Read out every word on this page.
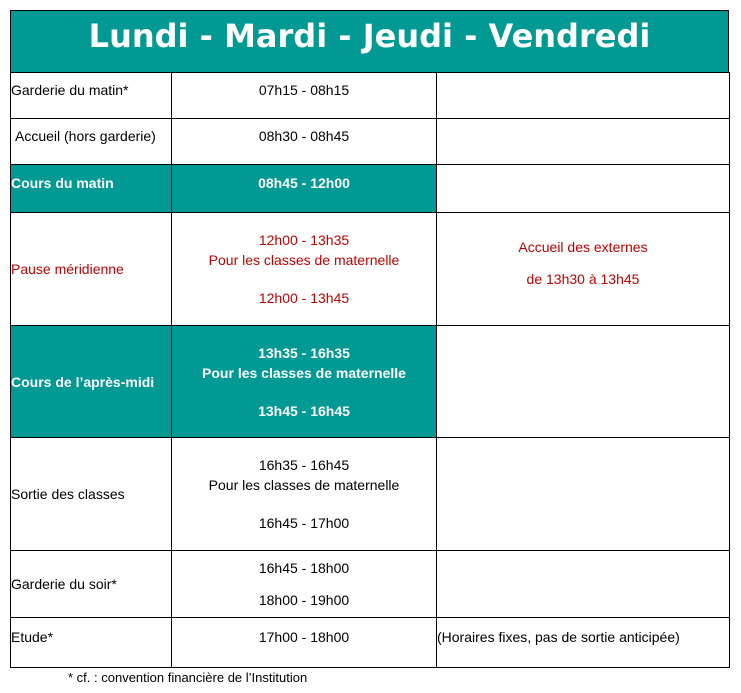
Lundi - Mardi - Jeudi - Vendredi
Garderie du matin*	07h15 - 08h15	
Accueil (hors garderie)	08h30 - 08h45	
Cours du matin	08h45 - 12h00	
Pause méridienne	12h00 - 13h35
Pour les classes de maternelle
12h00 - 13h45	Accueil des externes
de 13h30 à 13h45

Cours de l’après-midi	13h35 - 16h35
Pour les classes de maternelle
13h45 - 16h45	

Sortie des classes	16h35 - 16h45
Pour les classes de maternelle
16h45 - 17h00	

Garderie du soir*	16h45 - 18h00
18h00 - 19h00	

Etude*	17h00 - 18h00	(Horaires fixes, pas de sortie anticipée)
* cf. : convention financière de l’Institution
